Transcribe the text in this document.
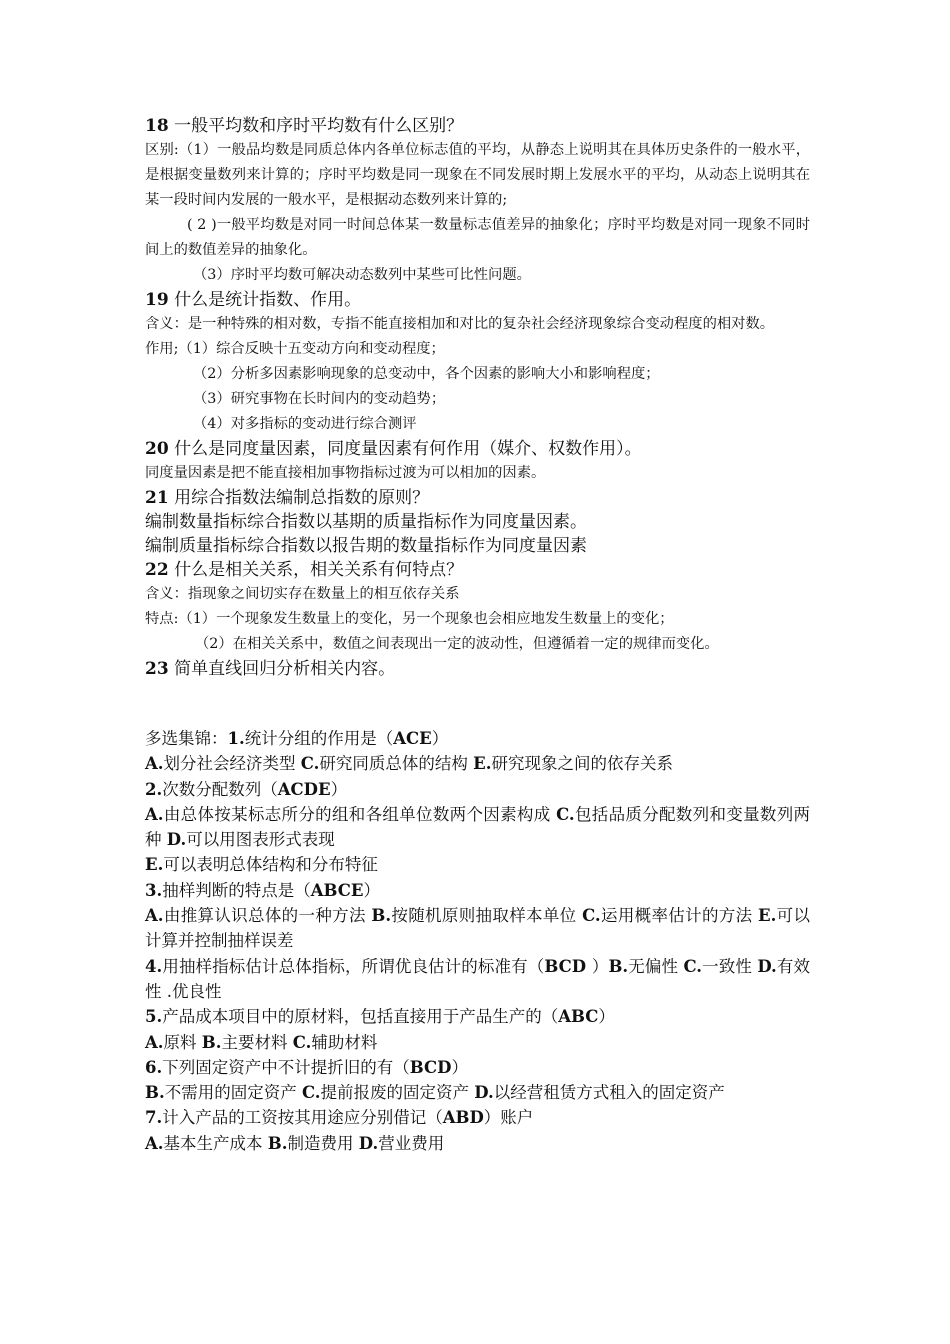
18 一般平均数和序时平均数有什么区别？

区别:（1）一般品均数是同质总体内各单位标志值的平均，从静态上说明其在具体历史条件的一般水平，是根据变量数列来计算的；序时平均数是同一现象在不同发展时期上发展水平的平均，从动态上说明其在某一段时间内发展的一般水平，是根据动态数列来计算的;

( 2 )一般平均数是对同一时间总体某一数量标志值差异的抽象化；序时平均数是对同一现象不同时间上的数值差异的抽象化。

（3）序时平均数可解决动态数列中某些可比性问题。

19 什么是统计指数、作用。

含义：是一种特殊的相对数，专指不能直接相加和对比的复杂社会经济现象综合变动程度的相对数。

作用;（1）综合反映十五变动方向和变动程度；

（2）分析多因素影响现象的总变动中，各个因素的影响大小和影响程度；

（3）研究事物在长时间内的变动趋势；

（4）对多指标的变动进行综合测评

20 什么是同度量因素，同度量因素有何作用（媒介、权数作用）。

同度量因素是把不能直接相加事物指标过渡为可以相加的因素。

21 用综合指数法编制总指数的原则？

编制数量指标综合指数以基期的质量指标作为同度量因素。

编制质量指标综合指数以报告期的数量指标作为同度量因素

22 什么是相关关系，相关关系有何特点？

含义：指现象之间切实存在数量上的相互依存关系

特点:（1）一个现象发生数量上的变化，另一个现象也会相应地发生数量上的变化；

（2）在相关关系中，数值之间表现出一定的波动性，但遵循着一定的规律而变化。

23 简单直线回归分析相关内容。

多选集锦：1.统计分组的作用是（ACE）

A.划分社会经济类型 C.研究同质总体的结构 E.研究现象之间的依存关系

2.次数分配数列（ACDE）

A.由总体按某标志所分的组和各组单位数两个因素构成 C.包括品质分配数列和变量数列两种 D.可以用图表形式表现

E.可以表明总体结构和分布特征

3.抽样判断的特点是（ABCE）

A.由推算认识总体的一种方法 B.按随机原则抽取样本单位 C.运用概率估计的方法 E.可以计算并控制抽样误差

4.用抽样指标估计总体指标，所谓优良估计的标准有（BCD ）B.无偏性 C.一致性 D.有效性 .优良性

5.产品成本项目中的原材料，包括直接用于产品生产的（ABC）

A.原料 B.主要材料 C.辅助材料

6.下列固定资产中不计提折旧的有（BCD）

B.不需用的固定资产 C.提前报废的固定资产 D.以经营租赁方式租入的固定资产

7.计入产品的工资按其用途应分别借记（ABD）账户

A.基本生产成本 B.制造费用 D.营业费用
